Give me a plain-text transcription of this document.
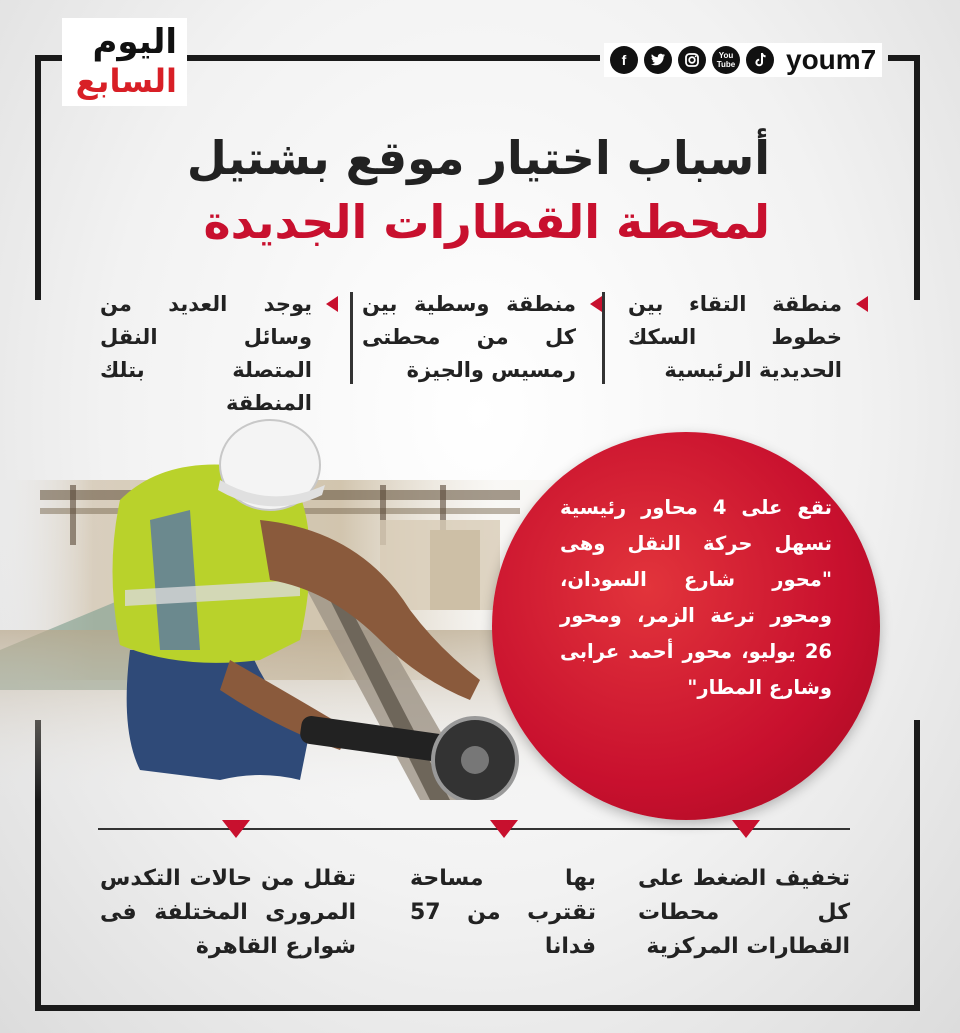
اليوم
السابع
f	You
Tube youm7
أسباب اختيار موقع بشتيل
لمحطة القطارات الجديدة
منطقة التقاء بين خطوط السكك الحديدية الرئيسية
منطقة وسطية بين كل من محطتى رمسيس والجيزة
يوجد العديد من وسائل النقل المتصلة بتلك المنطقة
تقع على 4 محاور رئيسية تسهل حركة النقل وهى "محور شارع السودان، ومحور ترعة الزمر، ومحور 26 يوليو، محور أحمد عرابى وشارع المطار"
تخفيف الضغط على كل محطات القطارات المركزية
بها مساحة تقترب من 57 فدانا
تقلل من حالات التكدس المرورى المختلفة فى شوارع القاهرة
